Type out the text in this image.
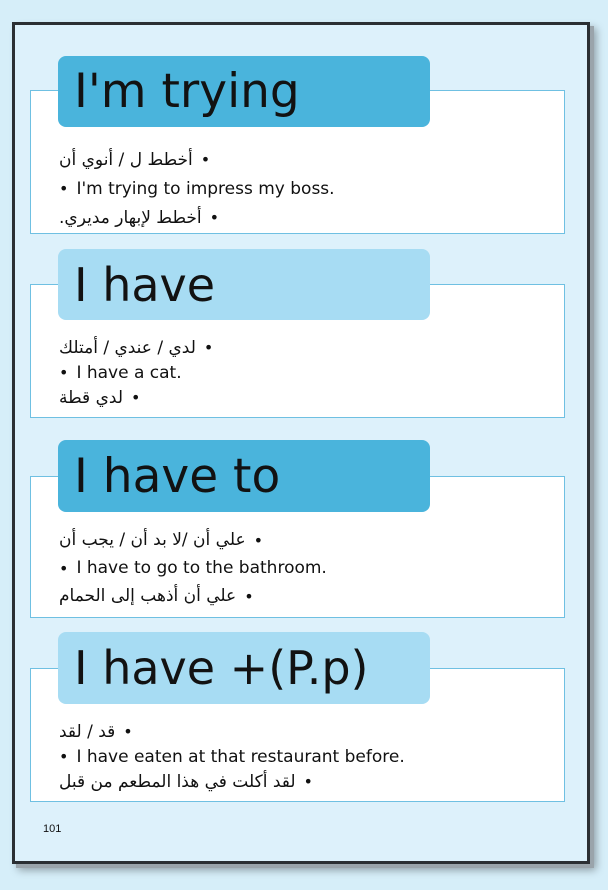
•
أخطط ل / أنوي أن
• I'm trying to impress my boss.
•
أخطط لإبهار مديري.
I'm trying
•
لدي / عندي / أمتلك
• I have a cat.
•
لدي قطة
I have
•
علي أن /لا بد أن / يجب أن
• I have to go to the bathroom.
•
علي أن أذهب إلى الحمام
I have to
•
قد / لقد
• I have eaten at that restaurant before.
•
لقد أكلت في هذا المطعم من قبل
I have +(P.p)
101
